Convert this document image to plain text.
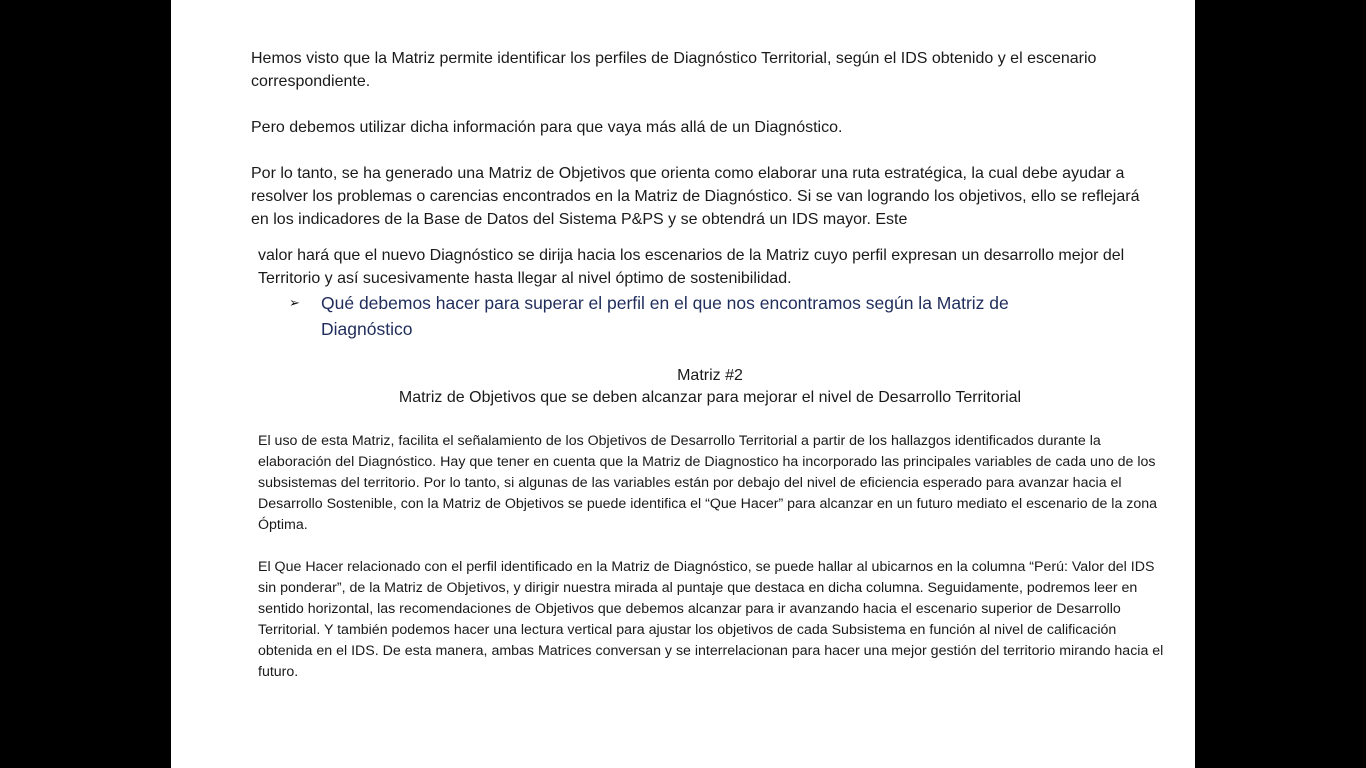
Hemos visto que la Matriz permite identificar los perfiles de Diagnóstico Territorial, según el IDS obtenido y el escenario correspondiente.

Pero debemos utilizar dicha información para que vaya más allá de un Diagnóstico.

Por lo tanto, se ha generado una Matriz de Objetivos que orienta como elaborar una ruta estratégica, la cual debe ayudar a resolver los problemas o carencias encontrados en la Matriz de Diagnóstico. Si se van logrando los objetivos, ello se reflejará en los indicadores de la Base de Datos del Sistema P&PS y se obtendrá un IDS mayor. Este

valor hará que el nuevo Diagnóstico se dirija hacia los escenarios de la Matriz cuyo perfil expresan un desarrollo mejor del Territorio y así sucesivamente hasta llegar al nivel óptimo de sostenibilidad.

➢ Qué debemos hacer para superar el perfil en el que nos encontramos según la Matriz de Diagnóstico

Matriz #2

Matriz de Objetivos que se deben alcanzar para mejorar el nivel de Desarrollo Territorial

El uso de esta Matriz, facilita el señalamiento de los Objetivos de Desarrollo Territorial a partir de los hallazgos identificados durante la elaboración del Diagnóstico. Hay que tener en cuenta que la Matriz de Diagnostico ha incorporado las principales variables de cada uno de los subsistemas del territorio. Por lo tanto, si algunas de las variables están por debajo del nivel de eficiencia esperado para avanzar hacia el Desarrollo Sostenible, con la Matriz de Objetivos se puede identifica el “Que Hacer” para alcanzar en un futuro mediato el escenario de la zona Óptima.

El Que Hacer relacionado con el perfil identificado en la Matriz de Diagnóstico, se puede hallar al ubicarnos en la columna “Perú: Valor del IDS sin ponderar”, de la Matriz de Objetivos, y dirigir nuestra mirada al puntaje que destaca en dicha columna. Seguidamente, podremos leer en sentido horizontal, las recomendaciones de Objetivos que debemos alcanzar para ir avanzando hacia el escenario superior de Desarrollo Territorial. Y también podemos hacer una lectura vertical para ajustar los objetivos de cada Subsistema en función al nivel de calificación obtenida en el IDS. De esta manera, ambas Matrices conversan y se interrelacionan para hacer una mejor gestión del territorio mirando hacia el futuro.
